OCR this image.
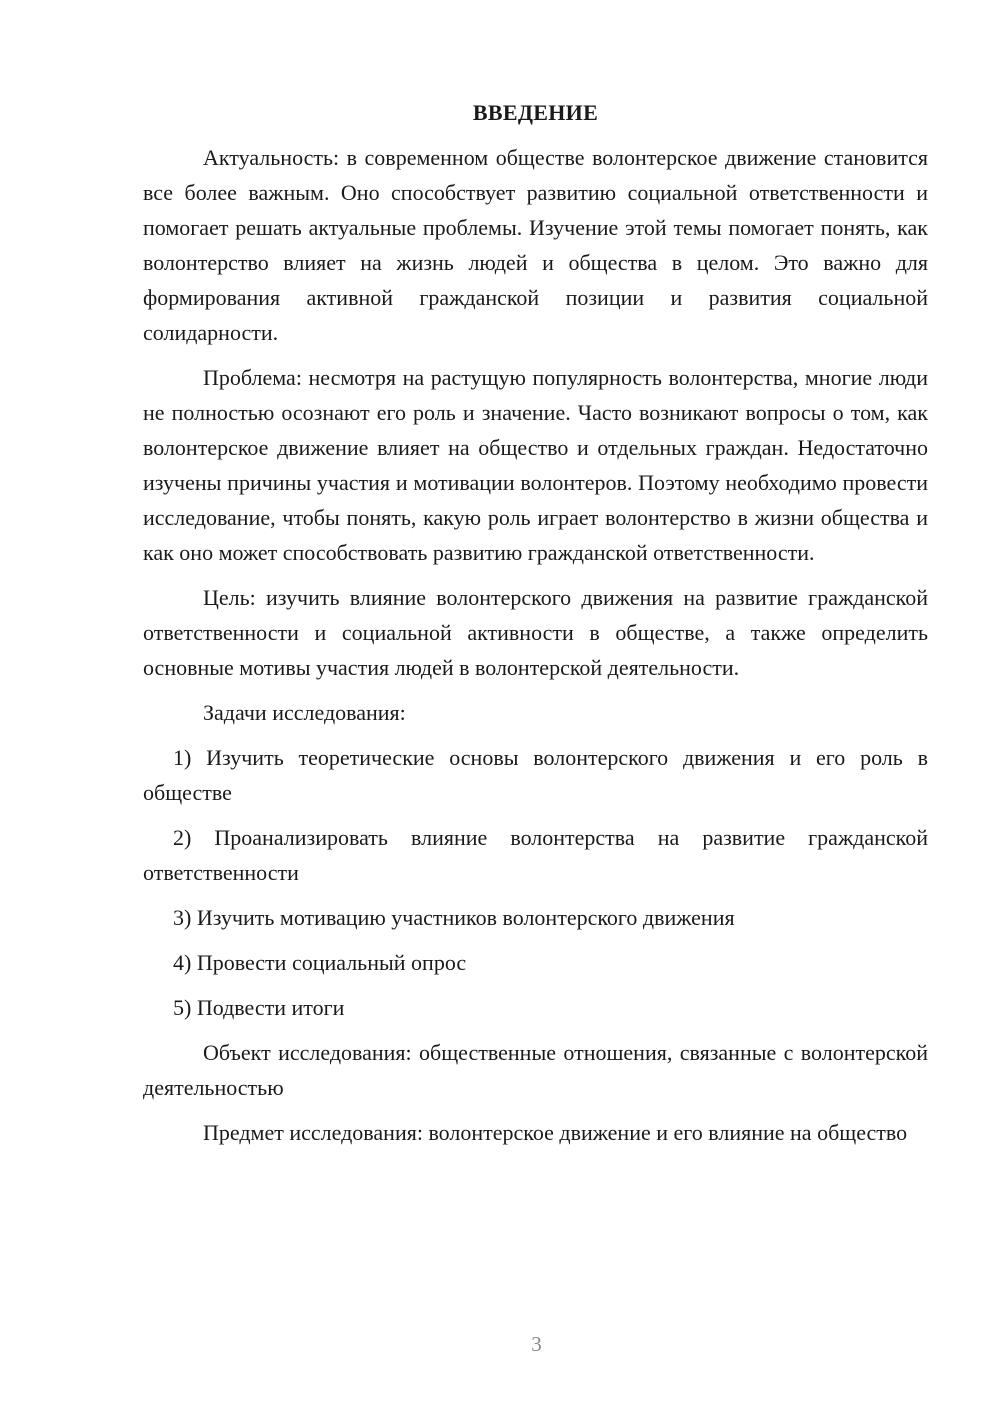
ВВЕДЕНИЕ

Актуальность: в современном обществе волонтерское движение становится все более важным. Оно способствует развитию социальной ответственности и помогает решать актуальные проблемы. Изучение этой темы помогает понять, как волонтерство влияет на жизнь людей и общества в целом. Это важно для формирования активной гражданской позиции и развития социальной солидарности.

Проблема: несмотря на растущую популярность волонтерства, многие люди не полностью осознают его роль и значение. Часто возникают вопросы о том, как волонтерское движение влияет на общество и отдельных граждан. Недостаточно изучены причины участия и мотивации волонтеров. Поэтому необходимо провести исследование, чтобы понять, какую роль играет волонтерство в жизни общества и как оно может способствовать развитию гражданской ответственности.

Цель: изучить влияние волонтерского движения на развитие гражданской ответственности и социальной активности в обществе, а также определить основные мотивы участия людей в волонтерской деятельности.

Задачи исследования:

1) Изучить теоретические основы волонтерского движения и его роль в обществе

2) Проанализировать влияние волонтерства на развитие гражданской ответственности

3) Изучить мотивацию участников волонтерского движения

4) Провести социальный опрос

5) Подвести итоги

Объект исследования: общественные отношения, связанные с волонтерской деятельностью

Предмет исследования: волонтерское движение и его влияние на общество

3
